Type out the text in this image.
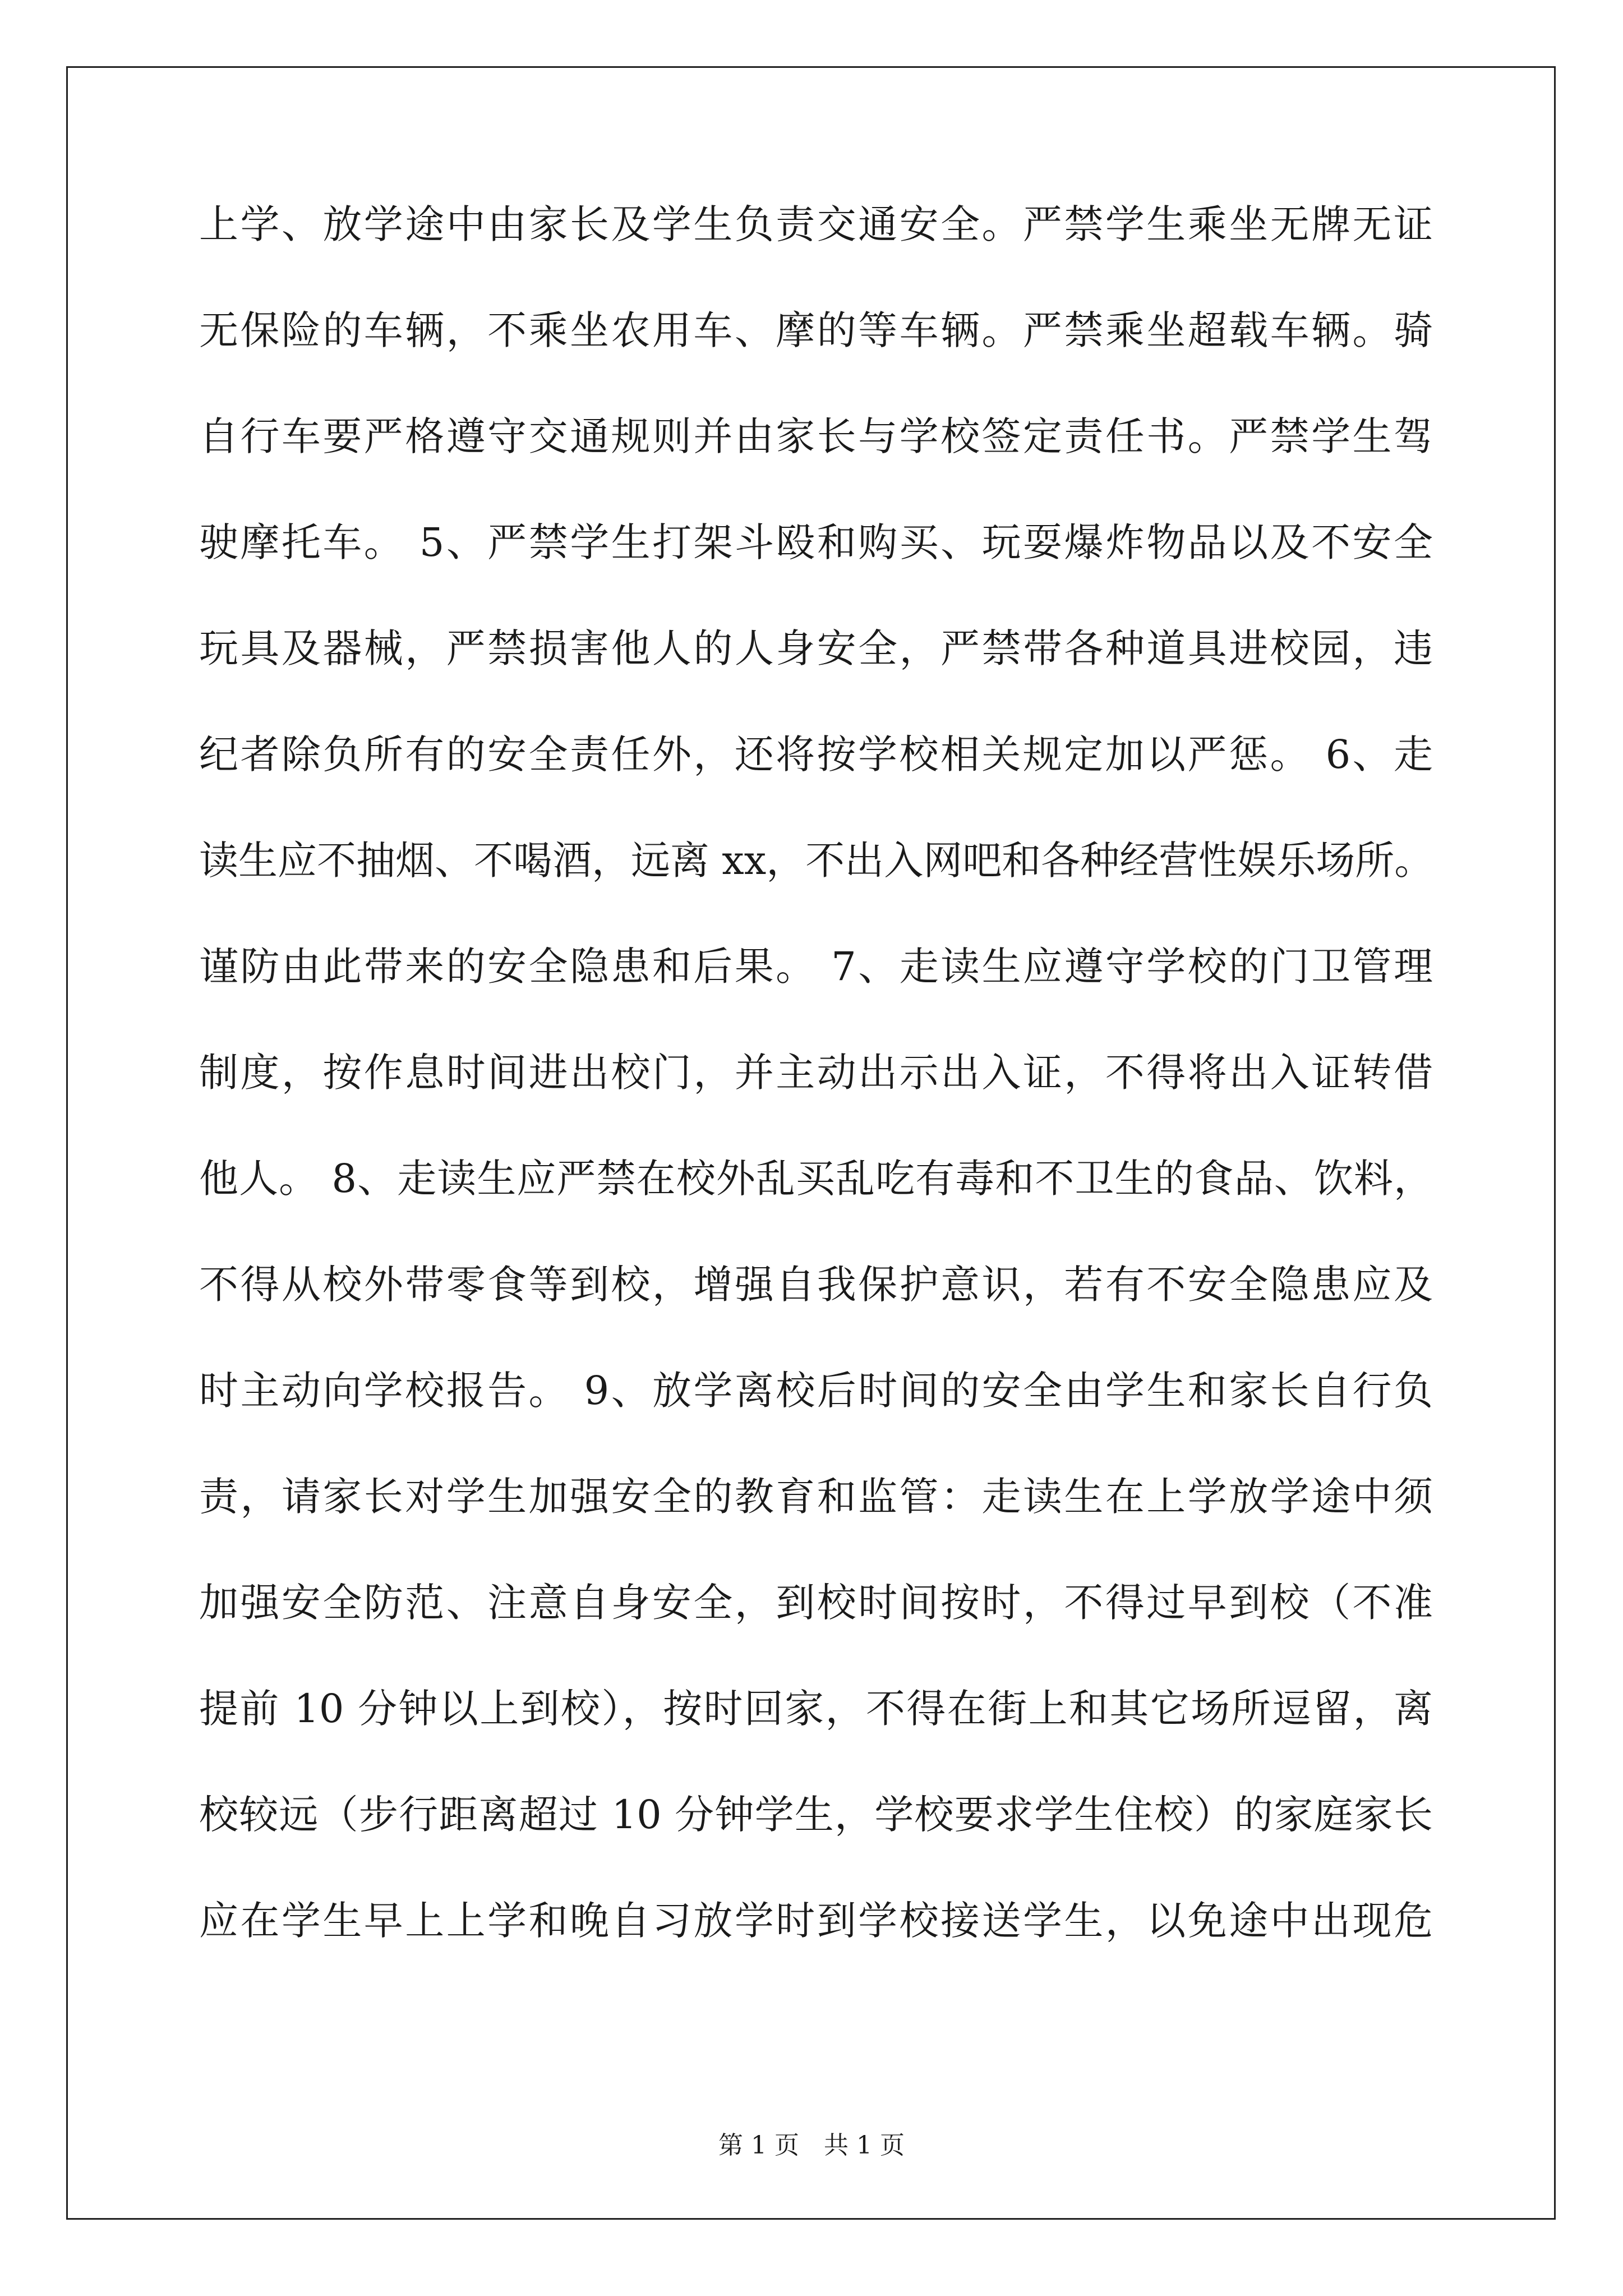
上学、放学途中由家长及学生负责交通安全。严禁学生乘坐无牌无证
无保险的车辆，不乘坐农用车、摩的等车辆。严禁乘坐超载车辆。骑
自行车要严格遵守交通规则并由家长与学校签定责任书。严禁学生驾
驶摩托车。 5、严禁学生打架斗殴和购买、玩耍爆炸物品以及不安全
玩具及器械，严禁损害他人的人身安全，严禁带各种道具进校园，违
纪者除负所有的安全责任外，还将按学校相关规定加以严惩。 6、走
读生应不抽烟、不喝酒，远离 xx，不出入网吧和各种经营性娱乐场所。
谨防由此带来的安全隐患和后果。 7、走读生应遵守学校的门卫管理
制度，按作息时间进出校门，并主动出示出入证，不得将出入证转借
他人。 8、走读生应严禁在校外乱买乱吃有毒和不卫生的食品、饮料，
不得从校外带零食等到校，增强自我保护意识，若有不安全隐患应及
时主动向学校报告。 9、放学离校后时间的安全由学生和家长自行负
责，请家长对学生加强安全的教育和监管：走读生在上学放学途中须
加强安全防范、注意自身安全，到校时间按时，不得过早到校（不准
提前 10 分钟以上到校），按时回家，不得在街上和其它场所逗留，离
校较远（步行距离超过 10 分钟学生，学校要求学生住校）的家庭家长
应在学生早上上学和晚自习放学时到学校接送学生，以免途中出现危
第 1 页　共 1 页
